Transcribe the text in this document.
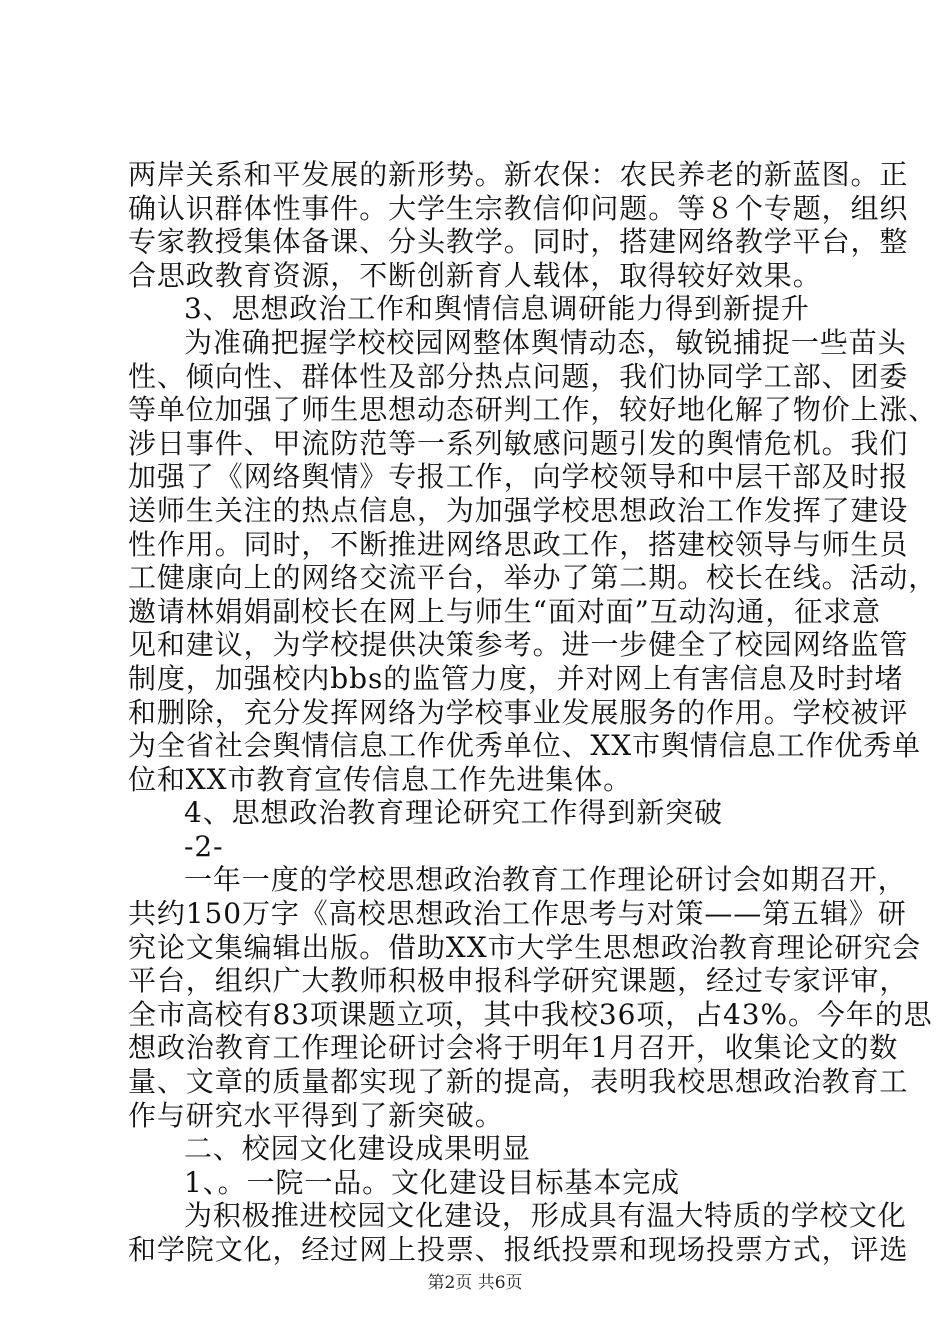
两岸关系和平发展的新形势。新农保：农民养老的新蓝图。正
确认识群体性事件。大学生宗教信仰问题。等８个专题，组织
专家教授集体备课、分头教学。同时，搭建网络教学平台，整
合思政教育资源，不断创新育人载体，取得较好效果。
3、思想政治工作和舆情信息调研能力得到新提升
为准确把握学校校园网整体舆情动态，敏锐捕捉一些苗头
性、倾向性、群体性及部分热点问题，我们协同学工部、团委
等单位加强了师生思想动态研判工作，较好地化解了物价上涨、
涉日事件、甲流防范等一系列敏感问题引发的舆情危机。我们
加强了《网络舆情》专报工作，向学校领导和中层干部及时报
送师生关注的热点信息，为加强学校思想政治工作发挥了建设
性作用。同时，不断推进网络思政工作，搭建校领导与师生员
工健康向上的网络交流平台，举办了第二期。校长在线。活动，
邀请林娟娟副校长在网上与师生“面对面”互动沟通，征求意
见和建议，为学校提供决策参考。进一步健全了校园网络监管
制度，加强校内bbs的监管力度，并对网上有害信息及时封堵
和删除，充分发挥网络为学校事业发展服务的作用。学校被评
为全省社会舆情信息工作优秀单位、XX市舆情信息工作优秀单
位和XX市教育宣传信息工作先进集体。
4、思想政治教育理论研究工作得到新突破
-2-
一年一度的学校思想政治教育工作理论研讨会如期召开，
共约150万字《高校思想政治工作思考与对策——第五辑》研
究论文集编辑出版。借助XX市大学生思想政治教育理论研究会
平台，组织广大教师积极申报科学研究课题，经过专家评审，
全市高校有83项课题立项，其中我校36项，占43%。今年的思
想政治教育工作理论研讨会将于明年1月召开，收集论文的数
量、文章的质量都实现了新的提高，表明我校思想政治教育工
作与研究水平得到了新突破。
二、校园文化建设成果明显
1、。一院一品。文化建设目标基本完成
为积极推进校园文化建设，形成具有温大特质的学校文化
和学院文化，经过网上投票、报纸投票和现场投票方式，评选
第2页 共6页
